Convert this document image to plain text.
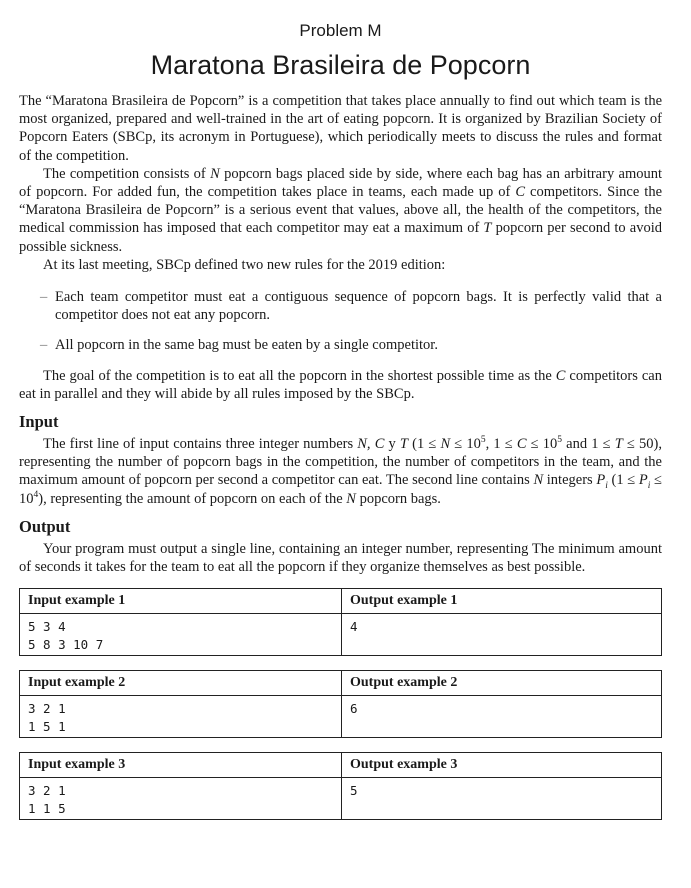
Problem M
Maratona Brasileira de Popcorn

The “Maratona Brasileira de Popcorn” is a competition that takes place annually to find out which team is the most organized, prepared and well-trained in the art of eating popcorn. It is organized by Brazilian Society of Popcorn Eaters (SBCp, its acronym in Portuguese), which periodically meets to discuss the rules and format of the competition.

The competition consists of N popcorn bags placed side by side, where each bag has an arbitrary amount of popcorn. For added fun, the competition takes place in teams, each made up of C competitors. Since the “Maratona Brasileira de Popcorn” is a serious event that values, above all, the health of the competitors, the medical commission has imposed that each competitor may eat a maximum of T popcorn per second to avoid possible sickness.

At its last meeting, SBCp defined two new rules for the 2019 edition:

– Each team competitor must eat a contiguous sequence of popcorn bags. It is perfectly valid that a competitor does not eat any popcorn.
– All popcorn in the same bag must be eaten by a single competitor.

The goal of the competition is to eat all the popcorn in the shortest possible time as the C competitors can eat in parallel and they will abide by all rules imposed by the SBCp.

Input

The first line of input contains three integer numbers N, C y T ($1 \le N \le 10^5$, $1 \le C \le 10^5$ and 1 ≤ T ≤ 50), representing the number of popcorn bags in the competition, the number of competitors in the team, and the maximum amount of popcorn per second a competitor can eat. The second line contains N integers $P_i$ $(1 \le P_i \le 10^4)$, representing the amount of popcorn on each of the N popcorn bags.

Output

Your program must output a single line, containing an integer number, representing The minimum amount of seconds it takes for the team to eat all the popcorn if they organize themselves as best possible.

Input example 1
5 3 4
5 8 3 10 7
Output example 1
4
Input example 2
3 2 1
1 5 1
Output example 2
6
Input example 3
3 2 1
1 1 5
Output example 3
5
